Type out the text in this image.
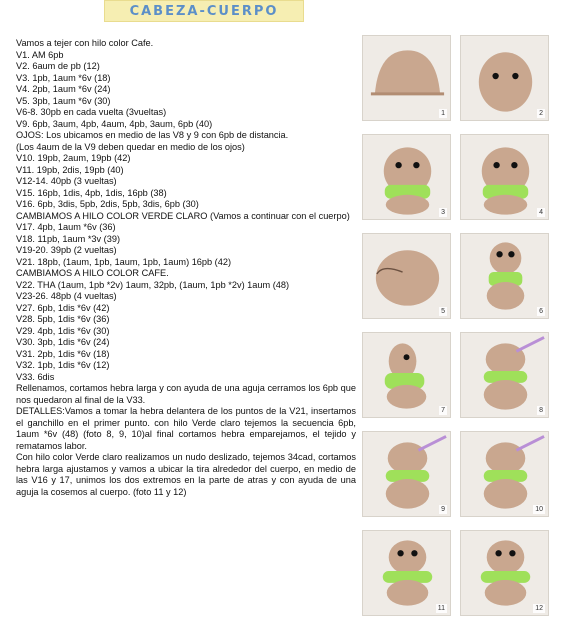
CABEZA-CUERPO
Vamos a tejer con hilo color Cafe.
V1. AM 6pb
V2. 6aum de pb (12)
V3. 1pb, 1aum *6v (18)
V4. 2pb, 1aum *6v (24)
V5. 3pb, 1aum *6v (30)
V6-8. 30pb en cada vuelta (3vueltas)
V9. 6pb, 3aum, 4pb, 4aum, 4pb, 3aum, 6pb (40)
OJOS: Los ubicamos en medio de las V8 y 9 con 6pb de distancia.
(Los 4aum de la V9 deben quedar en medio de los ojos)
V10. 19pb, 2aum, 19pb (42)
V11. 19pb, 2dis, 19pb (40)
V12-14. 40pb (3 vueltas)
V15. 16pb, 1dis, 4pb, 1dis, 16pb (38)
V16. 6pb, 3dis, 5pb, 2dis, 5pb, 3dis, 6pb (30)
CAMBIAMOS A HILO COLOR VERDE CLARO (Vamos a continuar con el cuerpo)
V17. 4pb, 1aum *6v (36)
V18. 11pb, 1aum *3v (39)
V19-20. 39pb (2 vueltas)
V21. 18pb, (1aum, 1pb, 1aum, 1pb, 1aum) 16pb (42)
CAMBIAMOS A HILO COLOR CAFE.
V22. THA (1aum, 1pb *2v) 1aum, 32pb, (1aum, 1pb *2v) 1aum (48)
V23-26. 48pb (4 vueltas)
V27. 6pb, 1dis *6v (42)
V28. 5pb, 1dis *6v (36)
V29. 4pb, 1dis *6v (30)
V30. 3pb, 1dis *6v (24)
V31. 2pb, 1dis *6v (18)
V32. 1pb, 1dis *6v (12)
V33. 6dis
Rellenamos, cortamos hebra larga y con ayuda de una aguja cerramos los 6pb que nos quedaron al final de la V33.
DETALLES:Vamos a tomar la hebra delantera de los puntos de la V21, insertamos el ganchillo en el primer punto. con hilo Verde claro tejemos la secuencia 6pb, 1aum *6v (48) (foto 8, 9, 10)al final cortamos hebra emparejamos, el tejido y rematamos labor.
Con hilo color Verde claro realizamos un nudo deslizado, tejemos 34cad, cortamos hebra larga ajustamos y vamos a ubicar la tira alrededor del cuerpo, en medio de las V16 y 17, unimos los dos extremos en la parte de atras y con ayuda de una aguja la cosemos al cuerpo. (foto 11 y 12)
1	2
3	4
5	6
7	8
9	10
11	12
